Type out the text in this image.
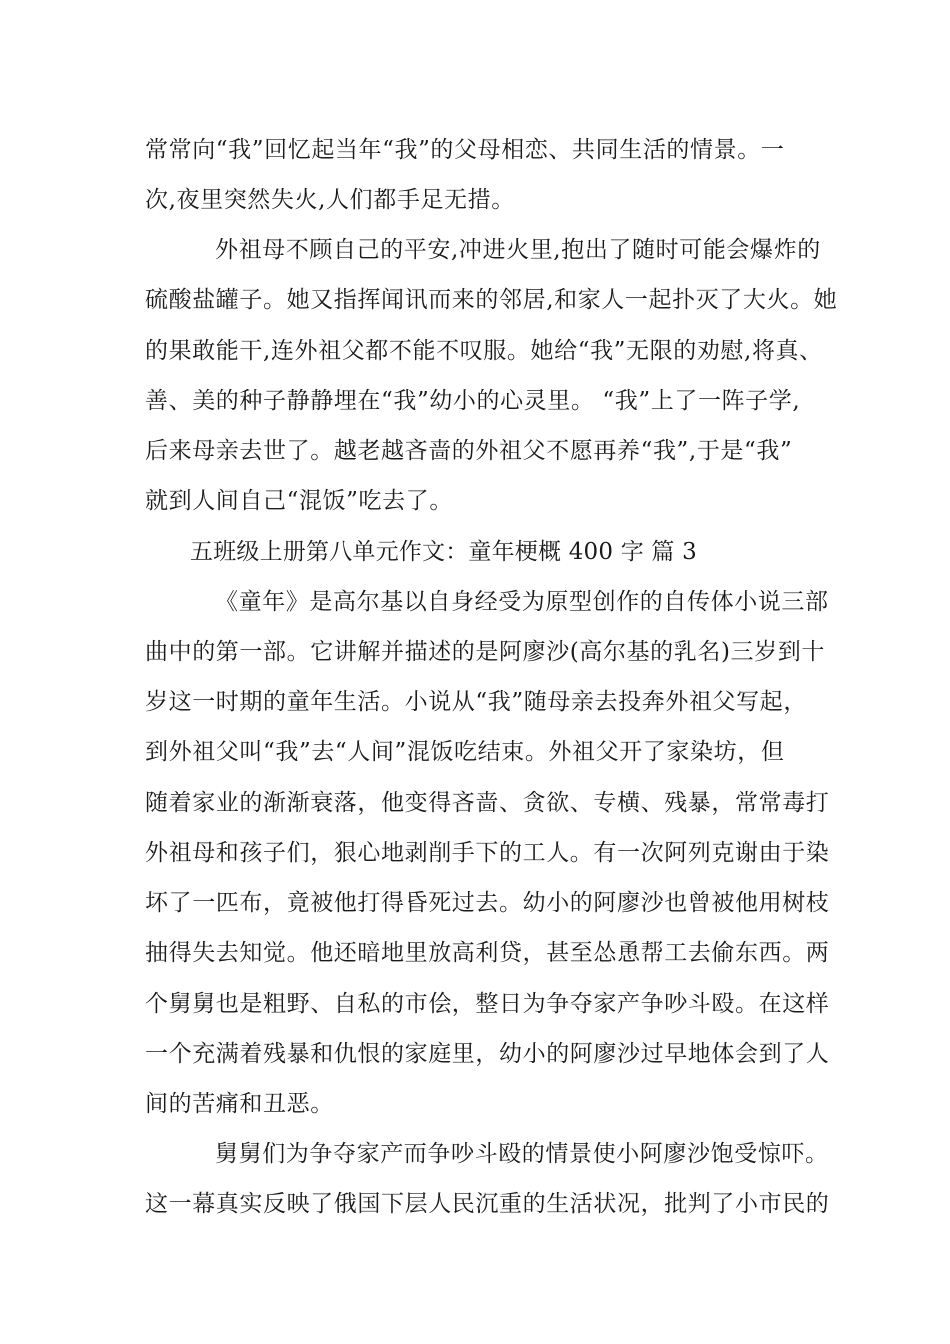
常常向“我”回忆起当年“我”的父母相恋、共同生活的情景。一
次,夜里突然失火,人们都手足无措。
外祖母不顾自己的平安,冲进火里,抱出了随时可能会爆炸的
硫酸盐罐子。她又指挥闻讯而来的邻居,和家人一起扑灭了大火。她
的果敢能干,连外祖父都不能不叹服。她给“我”无限的劝慰,将真、
善、美的种子静静埋在“我”幼小的心灵里。 “我”上了一阵子学,
后来母亲去世了。越老越吝啬的外祖父不愿再养“我”,于是“我”
就到人间自己“混饭”吃去了。
五班级上册第八单元作文：童年梗概 400 字 篇 3
《童年》是高尔基以自身经受为原型创作的自传体小说三部
曲中的第一部。它讲解并描述的是阿廖沙(高尔基的乳名)三岁到十
岁这一时期的童年生活。小说从“我”随母亲去投奔外祖父写起，
到外祖父叫“我”去“人间”混饭吃结束。外祖父开了家染坊，但
随着家业的渐渐衰落，他变得吝啬、贪欲、专横、残暴，常常毒打
外祖母和孩子们，狠心地剥削手下的工人。有一次阿列克谢由于染
坏了一匹布，竟被他打得昏死过去。幼小的阿廖沙也曾被他用树枝
抽得失去知觉。他还暗地里放高利贷，甚至怂恿帮工去偷东西。两
个舅舅也是粗野、自私的市侩，整日为争夺家产争吵斗殴。在这样
一个充满着残暴和仇恨的家庭里，幼小的阿廖沙过早地体会到了人
间的苦痛和丑恶。
舅舅们为争夺家产而争吵斗殴的情景使小阿廖沙饱受惊吓。
这一幕真实反映了俄国下层人民沉重的生活状况，批判了小市民的
